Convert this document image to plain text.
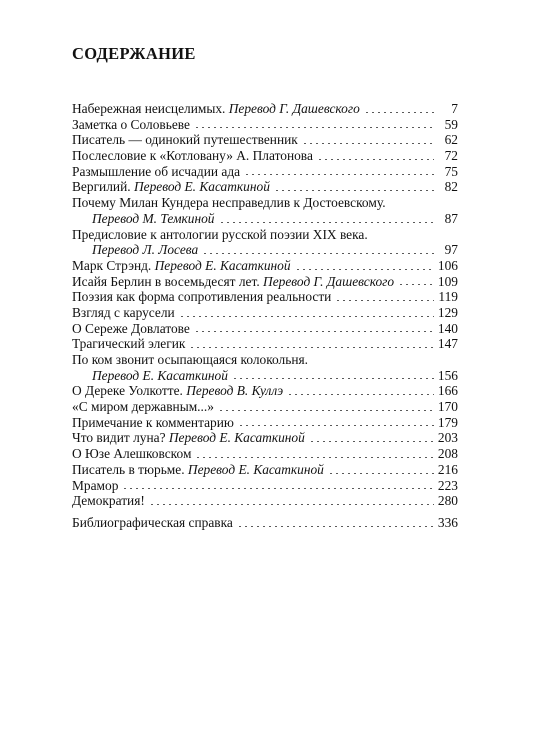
СОДЕРЖАНИЕ
Набережная неисцелимых. Перевод Г. Дашевского	7
Заметка о Соловьеве	59
Писатель — одинокий путешественник	62
Послесловие к «Котловану» А. Платонова	72
Размышление об исчадии ада	75
Вергилий. Перевод Е. Касаткиной	82
Почему Милан Кундера несправедлив к Достоевскому.
Перевод М. Темкиной	87
Предисловие к антологии русской поэзии XIX века.
Перевод Л. Лосева	97
Марк Стрэнд. Перевод Е. Касаткиной	106
Исайя Берлин в восемьдесят лет. Перевод Г. Дашевского	109
Поэзия как форма сопротивления реальности	119
Взгляд с карусели	129
О Сереже Довлатове	140
Трагический элегик	147
По ком звонит осыпающаяся колокольня.
Перевод Е. Касаткиной	156
О Дереке Уолкотте. Перевод В. Куллэ	166
«С миром державным...»	170
Примечание к комментарию	179
Что видит луна? Перевод Е. Касаткиной	203
О Юзе Алешковском	208
Писатель в тюрьме. Перевод Е. Касаткиной	216
Мрамор	223
Демократия!	280
Библиографическая справка	336
